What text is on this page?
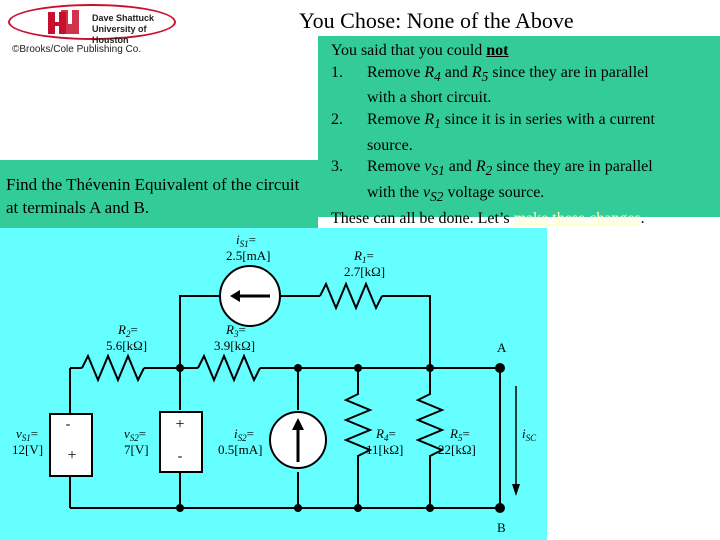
Dave Shattuck
University of Houston
©Brooks/Cole Publishing Co.
You Chose: None of the Above
Find the Thévenin Equivalent of the circuit at terminals A and B.
You said that you could not
1. Remove $R_4$ and $R_5$ since they are in parallel
with a short circuit.
2. Remove $R_1$ since it is in series with a current
source.
3. Remove $v_{S1}$ and $R_2$ since they are in parallel
with the $v_{S2}$ voltage source.
These can all be done. Let’s make these changes.
-
+
+
-
$i_{S1}=$
2.5[mA]	$R_1=$
2.7[kΩ]
$R_2=$
5.6[kΩ]
$R_3=$
3.9[kΩ]
$v_{S1}=$
12[V]
$v_{S2}=$
7[V]
$i_{S2}=$
0.5[mA]
$R_4=$
11[kΩ]
$R_5=$
22[kΩ]
$i_{SC}$
A
B
